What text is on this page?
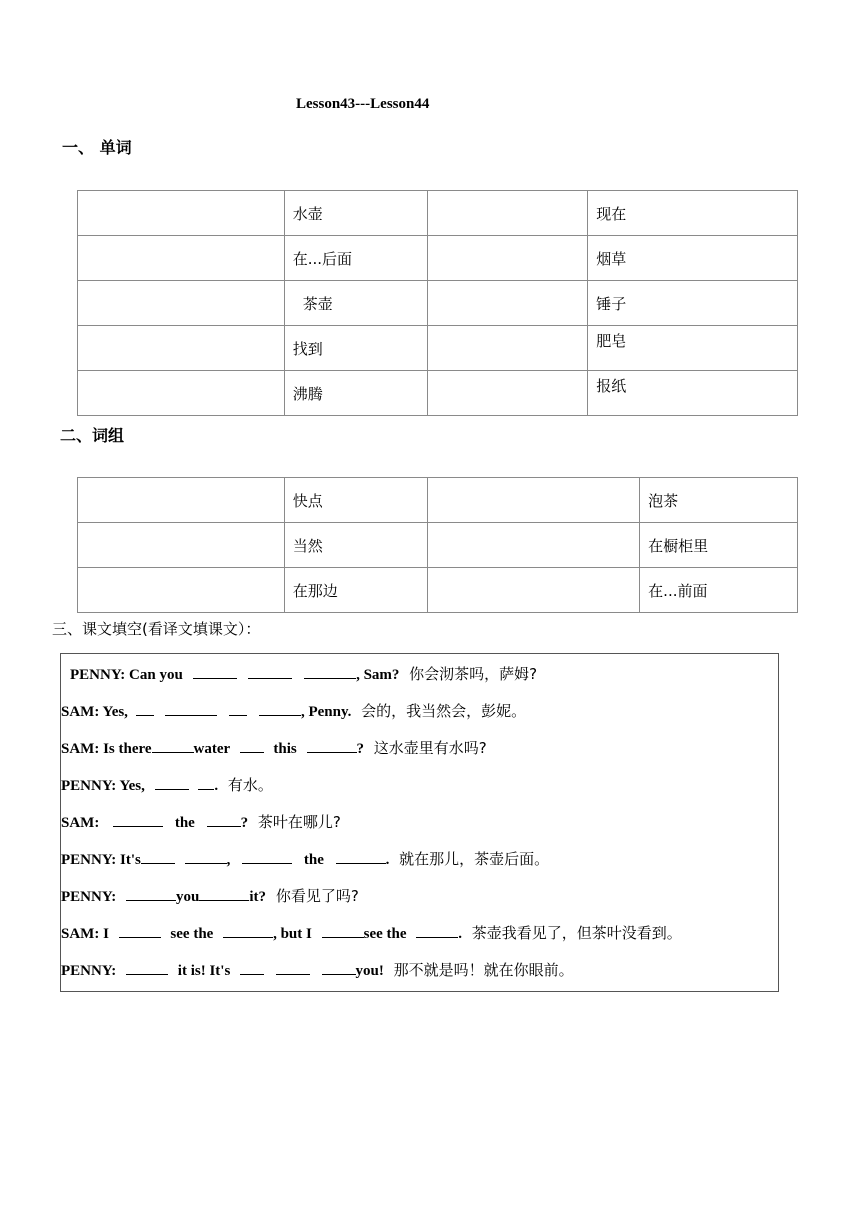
Lesson43---Lesson44
一、 单词
	水壶		现在
	在...后面		烟草
	茶壶		锤子
	找到		肥皂
	沸腾		报纸
二、词组
	快点		泡茶
	当然		在橱柜里
	在那边		在...前面
三、课文填空(看译文填课文）：
PENNY: Can you	, Sam? 你会沏茶吗，萨姆?
SAM: Yes,	, Penny. 会的，我当然会，彭妮。
SAM: Is there	water	this	? 这水壶里有水吗?
PENNY: Yes,	. 有水。
SAM:	the	? 茶叶在哪儿?
PENNY: It's	,	the	. 就在那儿，茶壶后面。
PENNY:	you	it? 你看见了吗?
SAM: I	see the	, but I	see the	. 茶壶我看见了，但茶叶没看到。
PENNY:	it is! It's	you! 那不就是吗！就在你眼前。
